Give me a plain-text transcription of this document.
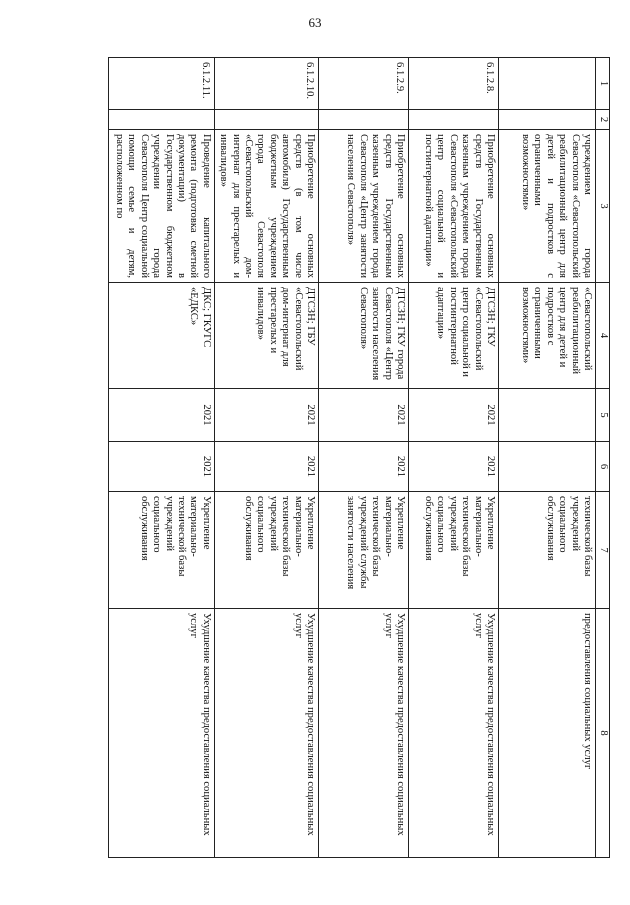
63
1	2	3	4	5	6	7	8
		учреждением города Севастополя «Севастопольский реабилитационный центр для детей и подростков с ограниченными возможностями»	«Севастопольский реабилитационный центр для детей и подростков с ограниченными возможностями»			технической базы учреждений социального обслуживания	предоставления социальных услуг
6.1.2.8.		Приобретение основных средств Государственным казенным учреждением города Севастополя «Севастопольский центр социальной и постинтернатной адаптации»	ДТСЗН; ГКУ «Севастопольский центр социальной и постинтернатной адаптации»	2021	2021	Укрепление материально-технической базы учреждений социального обслуживания	Ухудшение качества предоставления социальных услуг
6.1.2.9.		Приобретение основных средств Государственным казенным учреждением города Севастополя «Центр занятости населения Севастополя»	ДТСЗН; ГКУ города Севастополя «Центр занятости населения Севастополя»	2021	2021	Укрепление материально-технической базы учреждений службы занятости населения	Ухудшение качества предоставления социальных услуг
6.1.2.10.		Приобретение основных средств (в том числе автомобиля) Государственным бюджетным учреждением города Севастополя «Севастопольский дом-интернат для престарелых и инвалидов»	ДТСЗН; ГБУ «Севастопольский дом-интернат для престарелых и инвалидов»	2021	2021	Укрепление материально-технической базы учреждений социального обслуживания	Ухудшение качества предоставления социальных услуг
6.1.2.11.		Проведение капитального ремонта (подготовка сметной документации) в Государственном бюджетном учреждении города Севастополя Центр социальной помощи семье и детям, расположенном по	ДКС; ГКУГС «ЕДКС»	2021	2021	Укрепление материально-технической базы учреждений социального обслуживания	Ухудшение качества предоставления социальных услуг
